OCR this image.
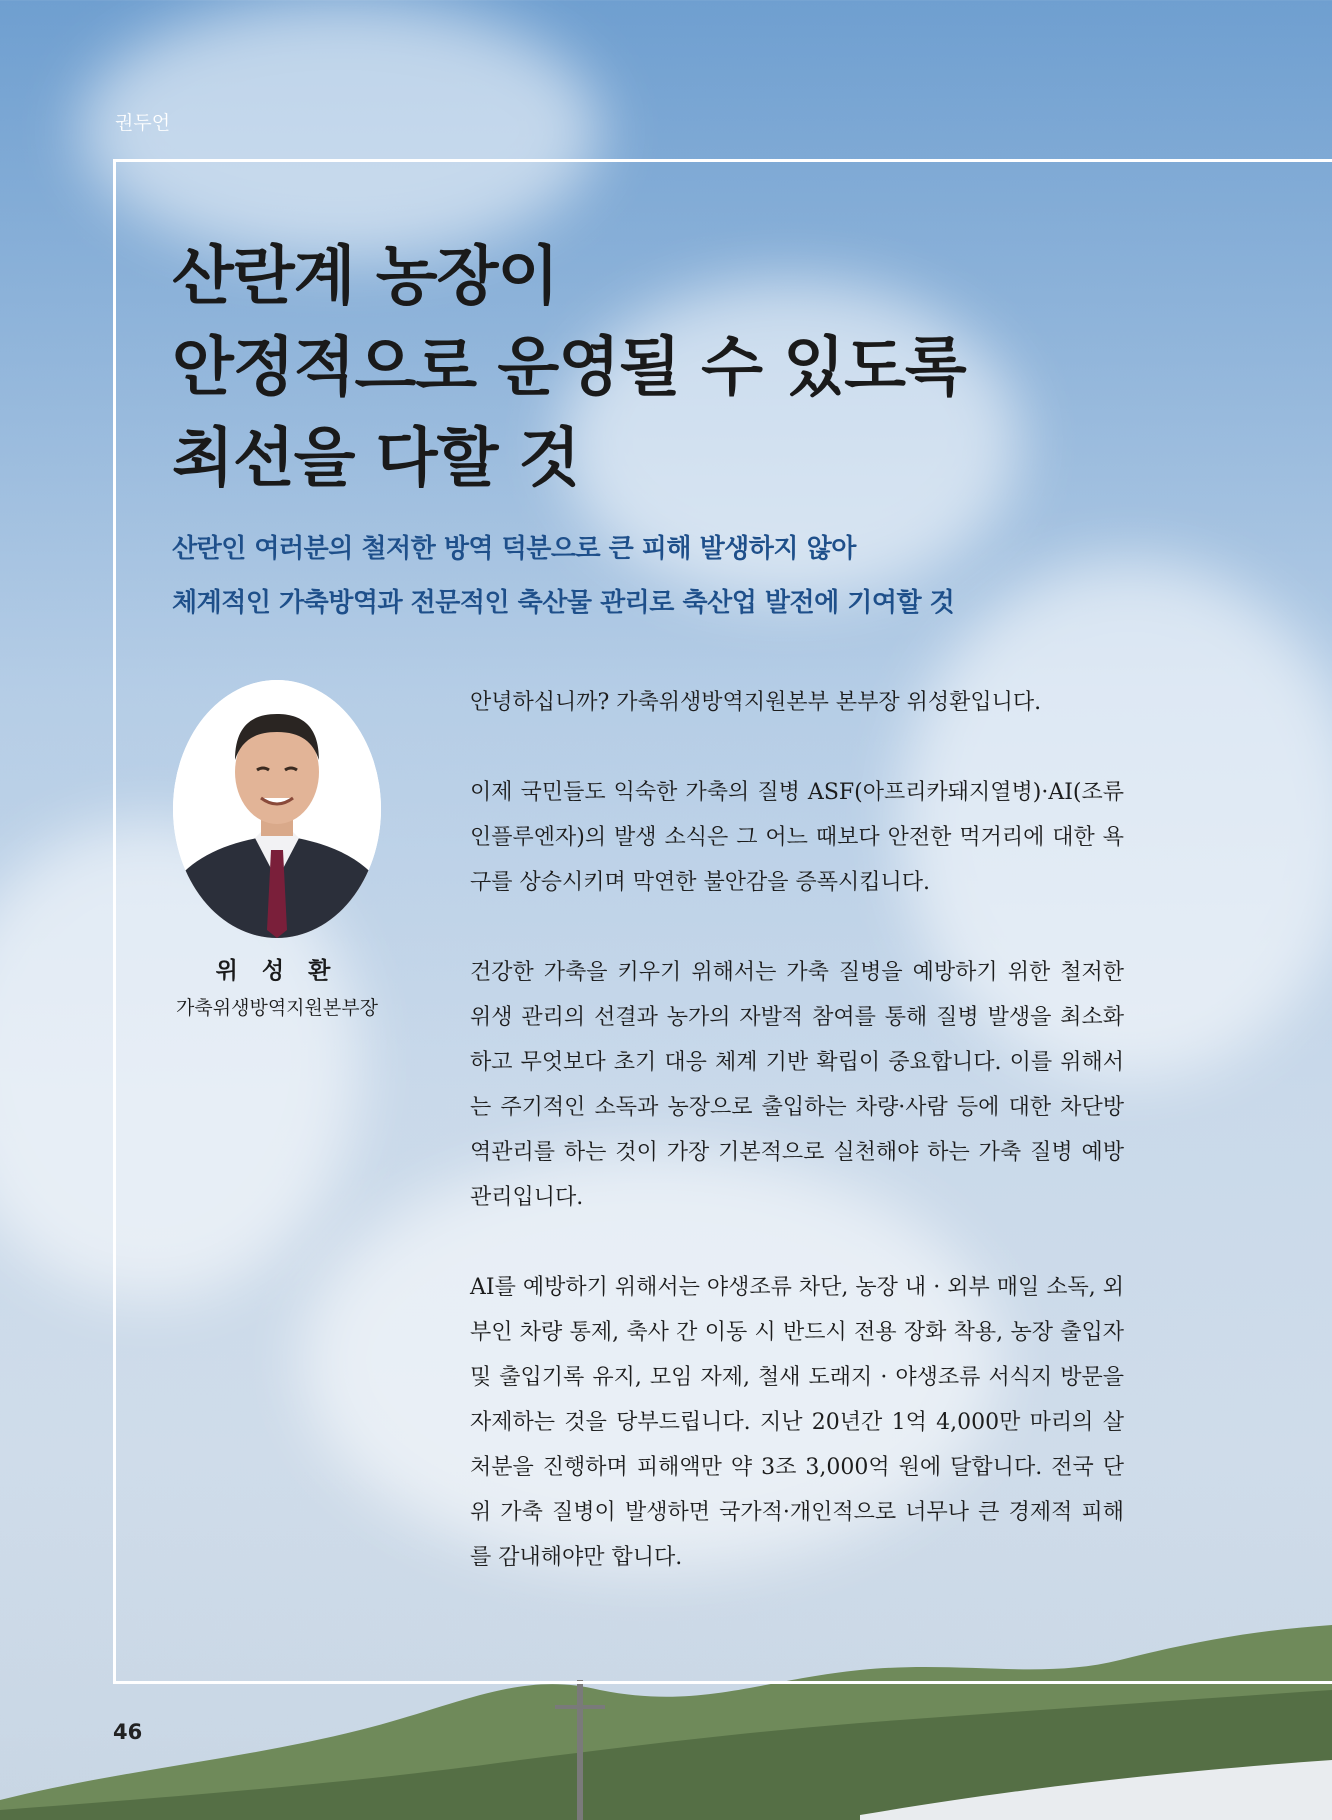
권두언
산란계 농장이
안정적으로 운영될 수 있도록
최선을 다할 것
산란인 여러분의 철저한 방역 덕분으로 큰 피해 발생하지 않아
체계적인 가축방역과 전문적인 축산물 관리로 축산업 발전에 기여할 것
위 성 환
가축위생방역지원본부장

안녕하십니까? 가축위생방역지원본부 본부장 위성환입니다.

이제 국민들도 익숙한 가축의 질병 ASF(아프리카돼지열병)·AI(조류인플루엔자)의 발생 소식은 그 어느 때보다 안전한 먹거리에 대한 욕구를 상승시키며 막연한 불안감을 증폭시킵니다.

건강한 가축을 키우기 위해서는 가축 질병을 예방하기 위한 철저한 위생 관리의 선결과 농가의 자발적 참여를 통해 질병 발생을 최소화하고 무엇보다 초기 대응 체계 기반 확립이 중요합니다. 이를 위해서는 주기적인 소독과 농장으로 출입하는 차량·사람 등에 대한 차단방역관리를 하는 것이 가장 기본적으로 실천해야 하는 가축 질병 예방 관리입니다.

AI를 예방하기 위해서는 야생조류 차단, 농장 내 · 외부 매일 소독, 외부인 차량 통제, 축사 간 이동 시 반드시 전용 장화 착용, 농장 출입자 및 출입기록 유지, 모임 자제, 철새 도래지 · 야생조류 서식지 방문을 자제하는 것을 당부드립니다. 지난 20년간 1억 4,000만 마리의 살처분을 진행하며 피해액만 약 3조 3,000억 원에 달합니다. 전국 단위 가축 질병이 발생하면 국가적·개인적으로 너무나 큰 경제적 피해를 감내해야만 합니다.

46
